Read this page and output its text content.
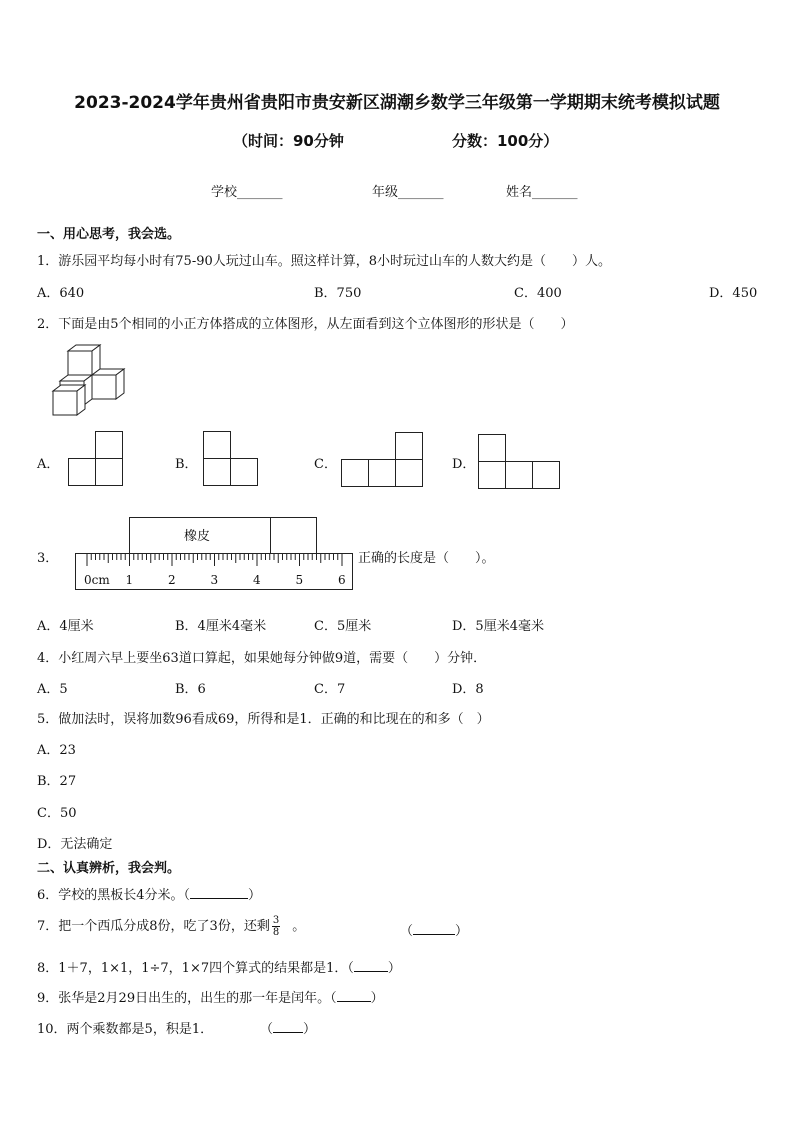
2023-2024学年贵州省贵阳市贵安新区湖潮乡数学三年级第一学期期末统考模拟试题
（时间：90分钟	分数：100分）
学校_______	年级_______	姓名_______
一、用心思考，我会选。
1．游乐园平均每小时有75-90人玩过山车。照这样计算，8小时玩过山车的人数大约是（　　）人。
A．640	B．750	C．400	D．450
2．下面是由5个相同的小正方体搭成的立体图形，从左面看到这个立体图形的形状是（　　）
A．	B．	C．	D．
3．
橡皮
0cm 1	2	3	4	5	6
正确的长度是（　　）。
A．4厘米	B．4厘米4毫米	C．5厘米	D．5厘米4毫米
4．小红周六早上要坐63道口算起，如果她每分钟做9道，需要（　　）分钟．
A．5	B．6	C．7	D．8
5．做加法时，误将加数96看成69，所得和是1．正确的和比现在的和多（　）
A．23
B．27
C．50
D．无法确定
二、认真辨析，我会判。
6．学校的黑板长4分米。（	）
7．把一个西瓜分成8份，吃了3份，还剩 $\frac{3}{8}$ 。	（	）
8．1＋7，1×1，1÷7，1×7四个算式的结果都是1．（	）
9．张华是2月29日出生的，出生的那一年是闰年。（	）
10．两个乘数都是5，积是1．	（ ）
